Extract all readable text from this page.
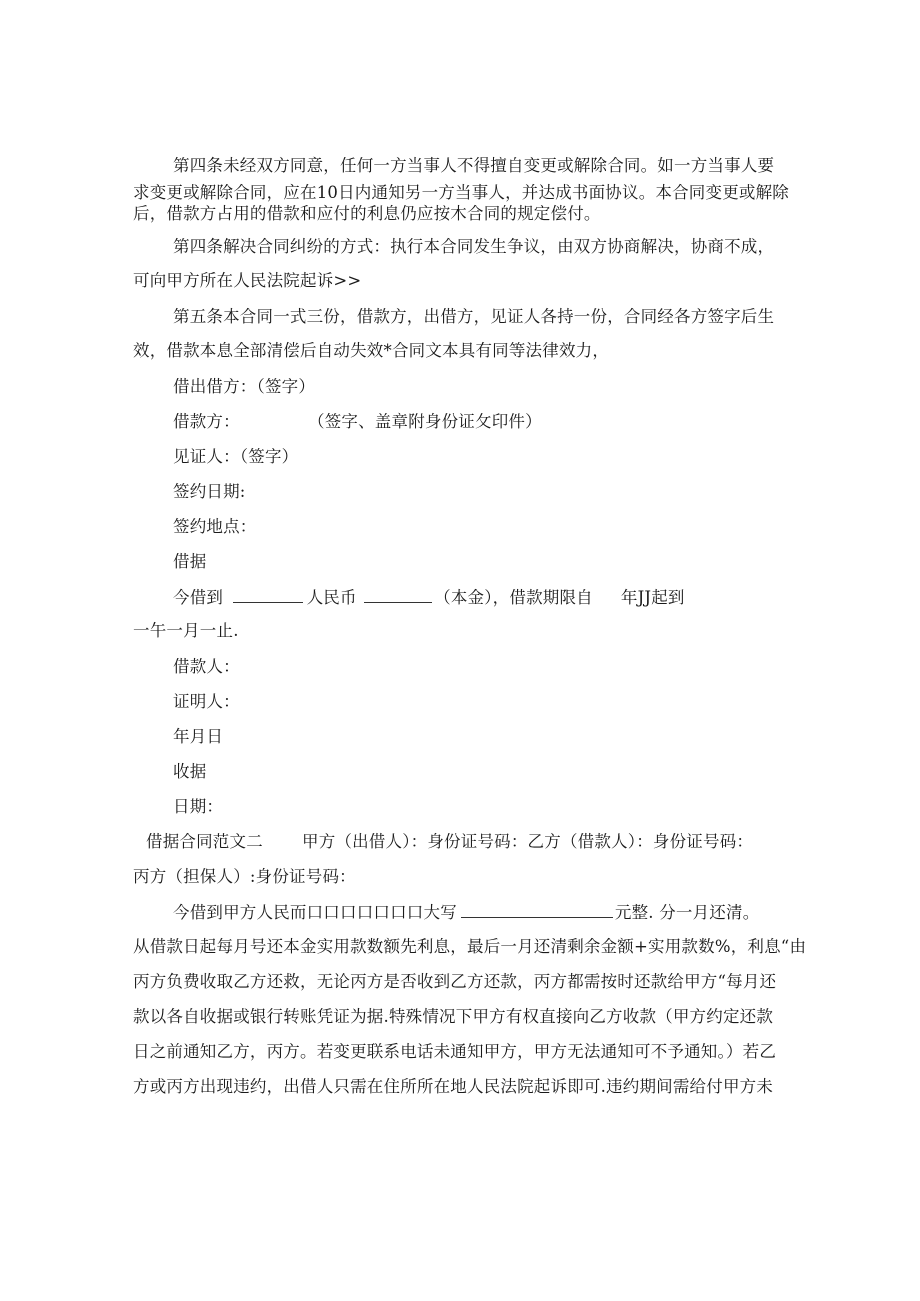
第四条未经双方同意，任何一方当事人不得擅自变更或解除合同。如一方当事人要
求变更或解除合同，应在10日内通知另一方当事人，并达成书面协议。本合同变更或解除
后，借款方占用的借款和应付的利息仍应按木合同的规定偿付。
第四条解决合同纠纷的方式：执行本合同发生争议，由双方协商解决，协商不成，
可向甲方所在人民法院起诉>>
第五条本合同一式三份，借款方，出借方，见证人各持一份，合同经各方签字后生
效，借款本息全部清偿后自动失效*合同文本具有同等法律效力，
借出借方：（签字）
借款方：	（签字、盖章附身份证攵印件）
见证人：（签字）
签约日期:
签约地点：
借据
今借到	人民币	（本金），借款期限自 年JJ起到
一午一月一止.
借款人：
证明人：
年月日
收据
日期：
借据合同范文二 甲方（出借人）：身份证号码：乙方（借款人）：身份证号码：
丙方（担保人）:身份证号码：
今借到甲方人民而口口口口口口口大写	元整. 分一月还清。
从借款日起每月号还本金实用款数额先利息，最后一月还清剩余金额+实用款数%，利息“由
丙方负费收取乙方还救，无论丙方是否收到乙方还款，丙方都需按时还款给甲方“每月还
款以各自收据或银行转账凭证为据.特殊情况下甲方有权直接向乙方收款（甲方约定还款
日之前通知乙方，丙方。若变更联系电话未通知甲方，甲方无法通知可不予通知。）若乙
方或丙方出现违约，出借人只需在住所所在地人民法院起诉即可.违约期间需给付甲方未
